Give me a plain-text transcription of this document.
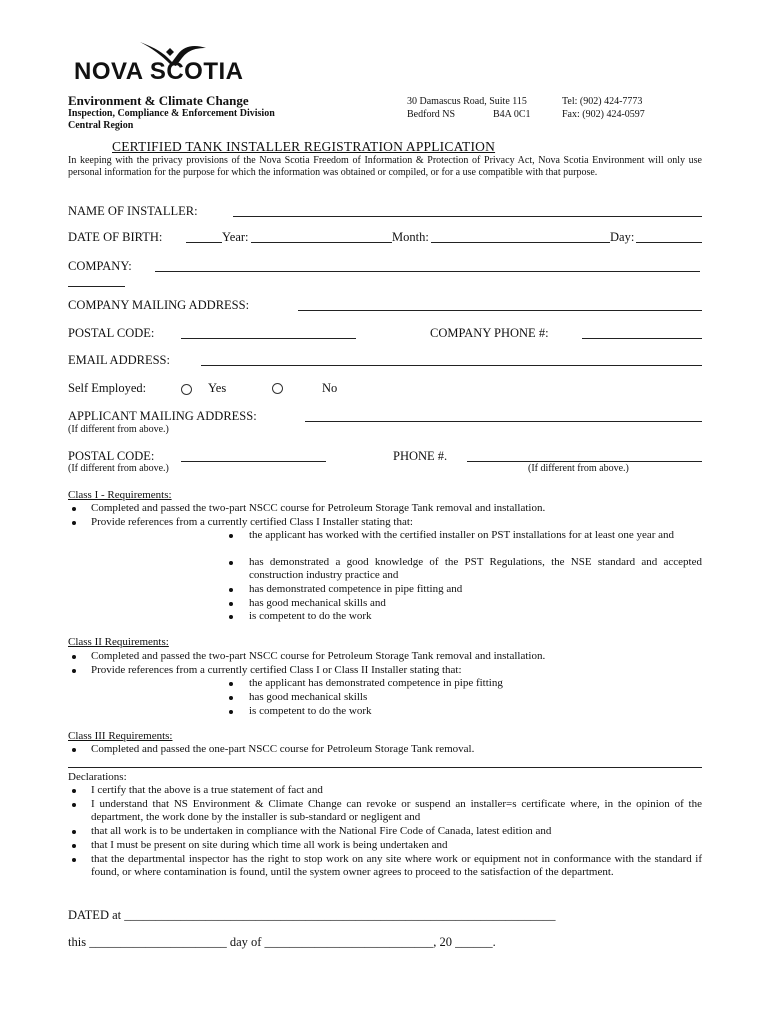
NOVA SCOTIA
Environment & Climate Change
Inspection, Compliance & Enforcement Division
Central Region
30 Damascus Road, Suite 115
Bedford NS	B4A 0C1
Tel: (902) 424-7773
Fax: (902) 424-0597
CERTIFIED TANK INSTALLER REGISTRATION APPLICATION
In keeping with the privacy provisions of the Nova Scotia Freedom of Information & Protection of Privacy Act, Nova Scotia Environment will only use personal information for the purpose for which the information was obtained or compiled, or for a use compatible with that purpose.
NAME OF INSTALLER:
DATE OF BIRTH:	Year:	Month:	Day:
COMPANY:
COMPANY MAILING ADDRESS:
POSTAL CODE:	COMPANY PHONE #:
EMAIL ADDRESS:
Self Employed:	Yes	No
APPLICANT MAILING ADDRESS:
(If different from above.)
POSTAL CODE:	PHONE #.
(If different from above.)	(If different from above.)
Class I - Requirements:
Completed and passed the two-part NSCC course for Petroleum Storage Tank removal and installation.
Provide references from a currently certified Class I Installer stating that:
the applicant has worked with the certified installer on PST installations for at least one year and
has demonstrated a good knowledge of the PST Regulations, the NSE standard and accepted construction industry practice and
has demonstrated competence in pipe fitting and
has good mechanical skills and
is competent to do the work
Class II Requirements:
Completed and passed the two-part NSCC course for Petroleum Storage Tank removal and installation.
Provide references from a currently certified Class I or Class II Installer stating that:
the applicant has demonstrated competence in pipe fitting
has good mechanical skills
is competent to do the work
Class III Requirements:
Completed and passed the one-part NSCC course for Petroleum Storage Tank removal.
Declarations:
I certify that the above is a true statement of fact and
I understand that NS Environment & Climate Change can revoke or suspend an installer=s certificate where, in the opinion of the department, the work done by the installer is sub-standard or negligent and
that all work is to be undertaken in compliance with the National Fire Code of Canada, latest edition and
that I must be present on site during which time all work is being undertaken and
that the departmental inspector has the right to stop work on any site where work or equipment not in conformance with the standard if found, or where contamination is found, until the system owner agrees to proceed to the satisfaction of the department.
DATED at _____________________________________________________________________
this ______________________ day of ___________________________, 20 ______.
